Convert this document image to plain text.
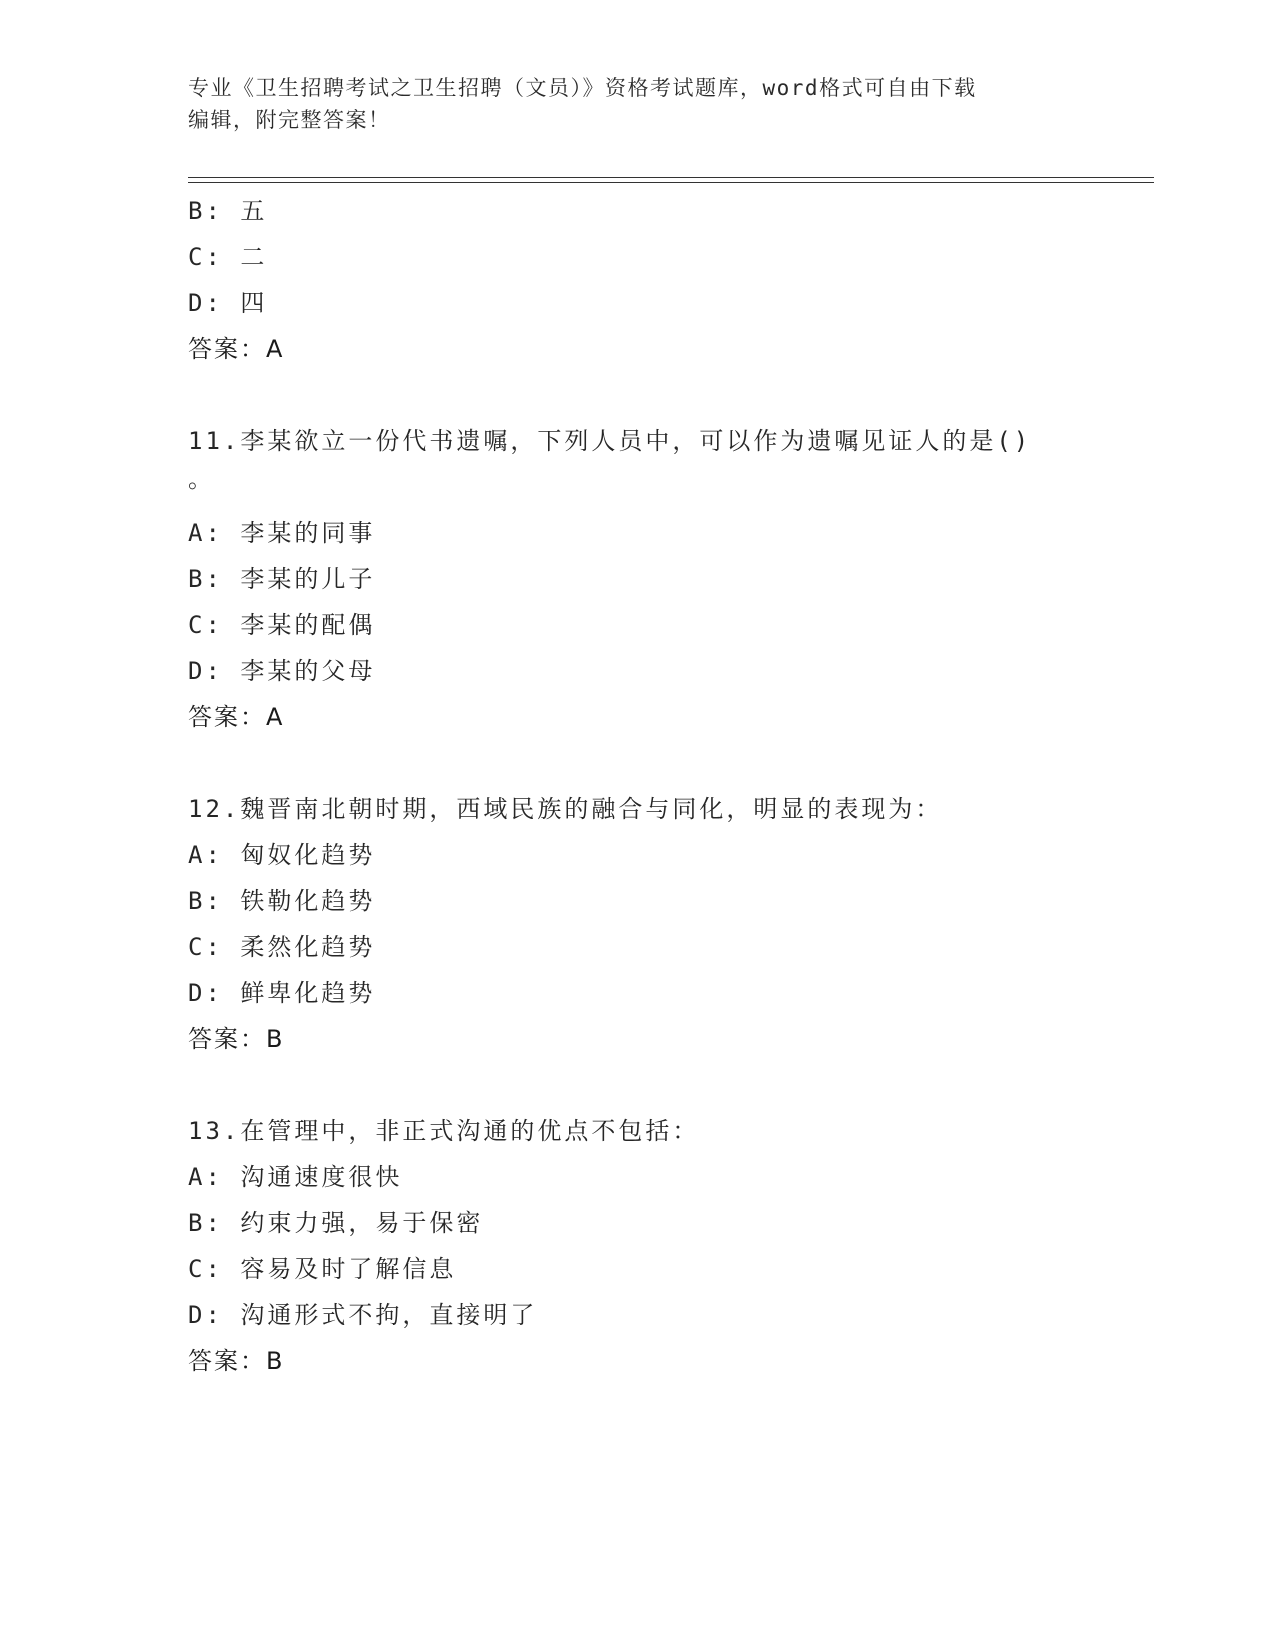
专业《卫生招聘考试之卫生招聘（文员）》资格考试题库，word格式可自由下载
编辑，附完整答案！
B: 五
C: 二
D: 四
答案：A
11.李某欲立一份代书遗嘱，下列人员中，可以作为遗嘱见证人的是()
。
A: 李某的同事
B: 李某的儿子
C: 李某的配偶
D: 李某的父母
答案：A
12.魏晋南北朝时期，西域民族的融合与同化，明显的表现为：
A: 匈奴化趋势
B: 铁勒化趋势
C: 柔然化趋势
D: 鲜卑化趋势
答案：B
13.在管理中，非正式沟通的优点不包括：
A: 沟通速度很快
B: 约束力强，易于保密
C: 容易及时了解信息
D: 沟通形式不拘，直接明了
答案：B
